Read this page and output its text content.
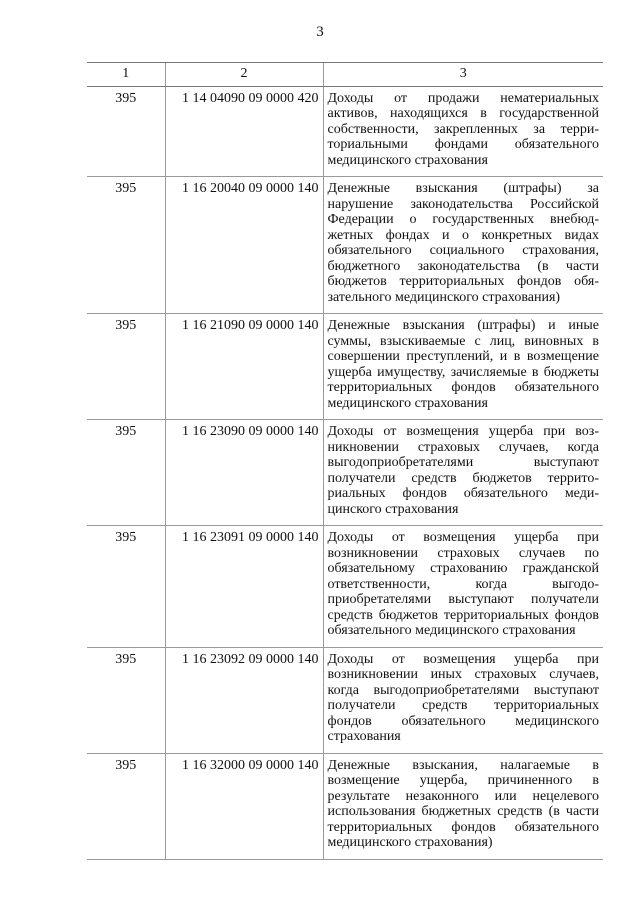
3
1	2	3
395	1 14 04090 09 0000 420	Доходы от продажи нематериальных активов, находящихся в государственной собственности, закрепленных за территориальными фондами обязательного медицинского страхования
395	1 16 20040 09 0000 140	Денежные взыскания (штрафы) за нарушение законодательства Российской Федерации о государственных внебюджетных фондах и о конкретных видах обязательного социального страхования, бюджетного законодательства (в части бюджетов территориальных фондов обязательного медицинского страхования)
395	1 16 21090 09 0000 140	Денежные взыскания (штрафы) и иные суммы, взыскиваемые с лиц, виновных в совершении преступлений, и в возмещение ущерба имуществу, зачисляемые в бюджеты территориальных фондов обязательного медицинского страхования
395	1 16 23090 09 0000 140	Доходы от возмещения ущерба при возникновении страховых случаев, когда выгодоприобретателями выступают получатели средств бюджетов территориальных фондов обязательного медицинского страхования
395	1 16 23091 09 0000 140	Доходы от возмещения ущерба при возникновении страховых случаев по обязательному страхованию гражданской ответственности, когда выгодоприобретателями выступают получатели средств бюджетов территориальных фондов обязательного медицинского страхования
395	1 16 23092 09 0000 140	Доходы от возмещения ущерба при возникновении иных страховых случаев, когда выгодоприобретателями выступают получатели средств территориальных фондов обязательного медицинского страхования
395	1 16 32000 09 0000 140	Денежные взыскания, налагаемые в возмещение ущерба, причиненного в результате незаконного или нецелевого использования бюджетных средств (в части территориальных фондов обязательного медицинского страхования)
